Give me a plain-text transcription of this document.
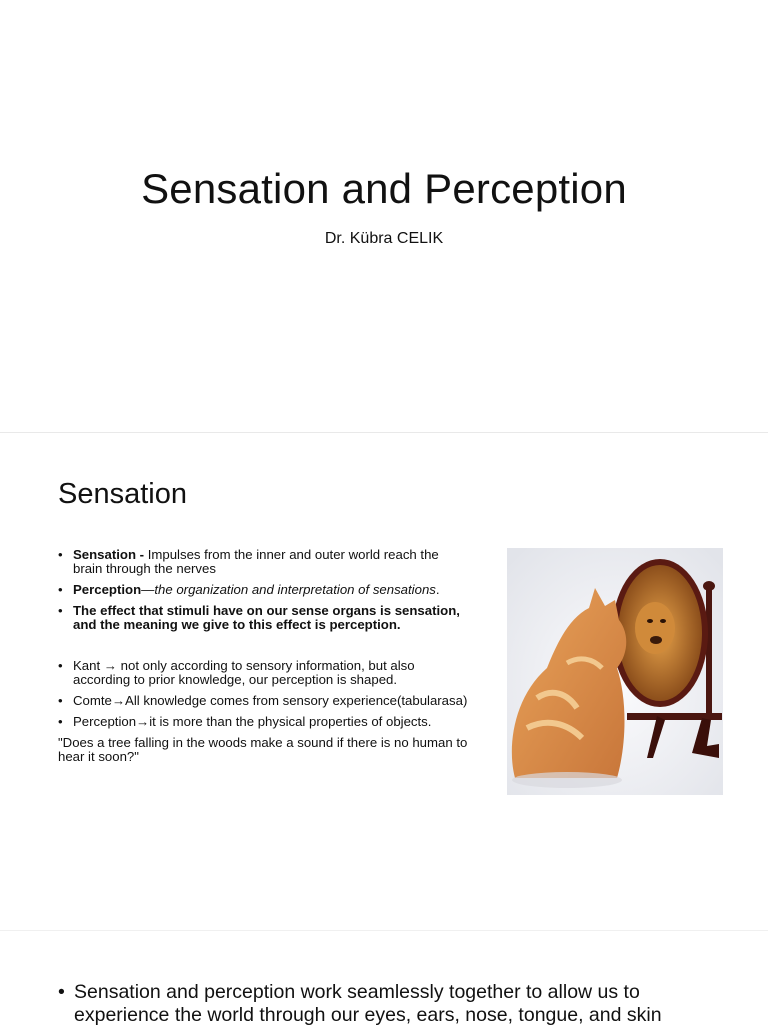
Sensation and Perception
Dr. Kübra CELIK
Sensation
• Sensation - Impulses from the inner and outer world reach the brain through the nerves
• Perception—the organization and interpretation of sensations.
• The effect that stimuli have on our sense organs is sensation, and the meaning we give to this effect is perception.
• Kant → not only according to sensory information, but also according to prior knowledge, our perception is shaped.
• Comte→All knowledge comes from sensory experience(tabularasa)
• Perception→it is more than the physical properties of objects.
"Does a tree falling in the woods make a sound if there is no human to hear it soon?"
• Sensation and perception work seamlessly together to allow us to experience the world through our eyes, ears, nose, tongue, and skin
